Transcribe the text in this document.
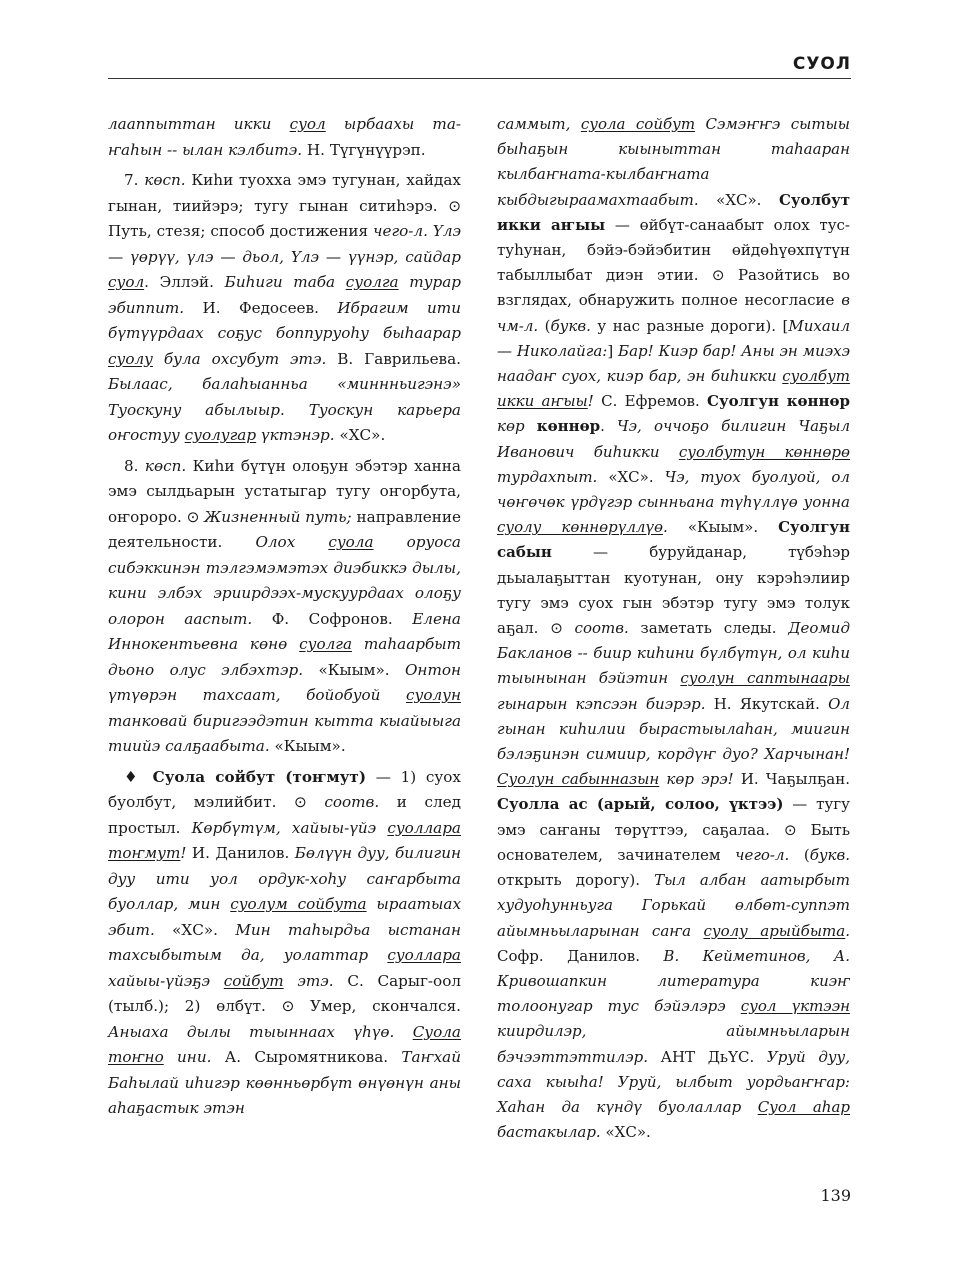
СУОЛ

лааппыттан икки суол ырбаахы та-ҥаһын -- ылан кэлбитэ. Н. Түгүнүүрэп.

7. көсп. Киһи туохха эмэ тугунан, хайдах гынан, тиийэрэ; тугу гынан ситиһэрэ. ⊙ Путь, стезя; способ достижения чего-л. Үлэ — үөрүү, үлэ — дьол, Үлэ — үүнэр, сайдар суол. Эллэй. Биһиги таба суолга турар эбиппит. И. Федосеев. Ибрагим ити бүтүүрдаах соҕус боппуруоһу быһаарар суолу була охсубут этэ. В. Гаврильева. Былаас, балаһыанньа «миннньигэнэ» Туоскуну абылыыр. Туоскун карьера оҥостуу суолугар үктэнэр. «ХС».

8. көсп. Киһи бүтүн олоҕун эбэтэр ханна эмэ сылдьарын устатыгар тугу оҥорбута, оҥороро. ⊙ Жизненный путь; направление деятельности. Олох суола оруоса сибэккинэн тэлгэмэмэтэх диэбиккэ дылы, кини элбэх эриирдээх-мускуурдаах олоҕу олорон ааспыт. Ф. Софронов. Елена Иннокентьевна көнө суолга таһаарбыт дьоно олус элбэхтэр. «Кыым». Онтон үтүөрэн тахсаат, бойобуой суолун танковай биригээдэтин кытта кыайыыга тиийэ салҕаабыта. «Кыым».

♦ Суола сойбут (тоҥмут) — 1) суох буолбут, мэлийбит. ⊙ соотв. и след простыл. Көрбүтүм, хайыы-үйэ суоллара тоҥмут! И. Данилов. Бөлүүн дуу, билигин дуу ити уол ордук-хоһу саҥарбыта буоллар, мин суолум сойбута ыраатыах эбит. «ХС». Мин таһырдьа ыстанан тахсыбытым да, уолаттар суоллара хайыы-үйэҕэ сойбут этэ. С. Сарыг-оол (тылб.); 2) өлбүт. ⊙ Умер, скончался. Аныаха дылы тыыннаах үһүө. Суола тоҥно ини. А. Сыромятникова. Таҥхай Баһылай иһигэр көөнньөрбүт өнүөнүн аны аһаҕастык этэн

саммыт, суола сойбут Сэмэҥҥэ сытыы быһаҕын кыыныттан таһааран кылбаҥната-кылбаҥната кыбдыгыраамахтаабыт. «ХС». Суолбут икки аҥыы — өйбүт-санаабыт олох тус-туһунан, бэйэ-бэйэбитин өйдөһүөхпүтүн табыллыбат диэн этии. ⊙ Разойтись во взглядах, обнаружить полное несогласие в чм-л. (букв. у нас разные дороги). [Михаил — Николайга:] Бар! Киэр бар! Аны эн миэхэ наадаҥ суох, киэр бар, эн биһикки суолбут икки аҥыы! С. Ефремов. Суолгун көннөр көр көннөр. Чэ, оччоҕо билигин Чаҕыл Иванович биһикки суолбутун көннөрө турдахпыт. «ХС». Чэ, туох буолуой, ол чөҥөчөк үрдүгэр сынньана түһүллүө уонна суолу көннөрүллүө. «Кыым». Суолгун сабын — буруйданар, түбэһэр дьыалаҕыттан куотунан, ону кэрэһэлиир тугу эмэ суох гын эбэтэр тугу эмэ толук аҕал. ⊙ соотв. заметать следы. Деомид Бакланов -- биир киһини бүлбүтүн, ол киһи тыынынан бэйэтин суолун саптынаары гынарын кэпсээн биэрэр. Н. Якутскай. Ол гынан киһилии бырастыылаһан, миигин бэлэҕинэн симиир, кордүҥ дуо? Харчынан! Суолун сабынназын көр эрэ! И. Чаҕылҕан. Суолла ас (арый, солоо, үктээ) — тугу эмэ саҥаны төрүттээ, саҕалаа. ⊙ Быть основателем, зачинателем чего-л. (букв. открыть дорогу). Тыл албан аатырбыт худуоһунньуга Горькай өлбөт-суппэт айымньыларынан саҥа суолу арыйбыта. Софр. Данилов. В. Кейметинов, А. Кривошапкин литература киэҥ толоонугар тус бэйэлэрэ суол үктээн киирдилэр, айымньыларын бэчээттэттилэр. АНТ ДьҮС. Уруй дуу, саха кыыһа! Уруй, ылбыт уордьаҥҥар: Хаһан да күндү буолаллар Суол аһар бастакылар. «ХС».

139
